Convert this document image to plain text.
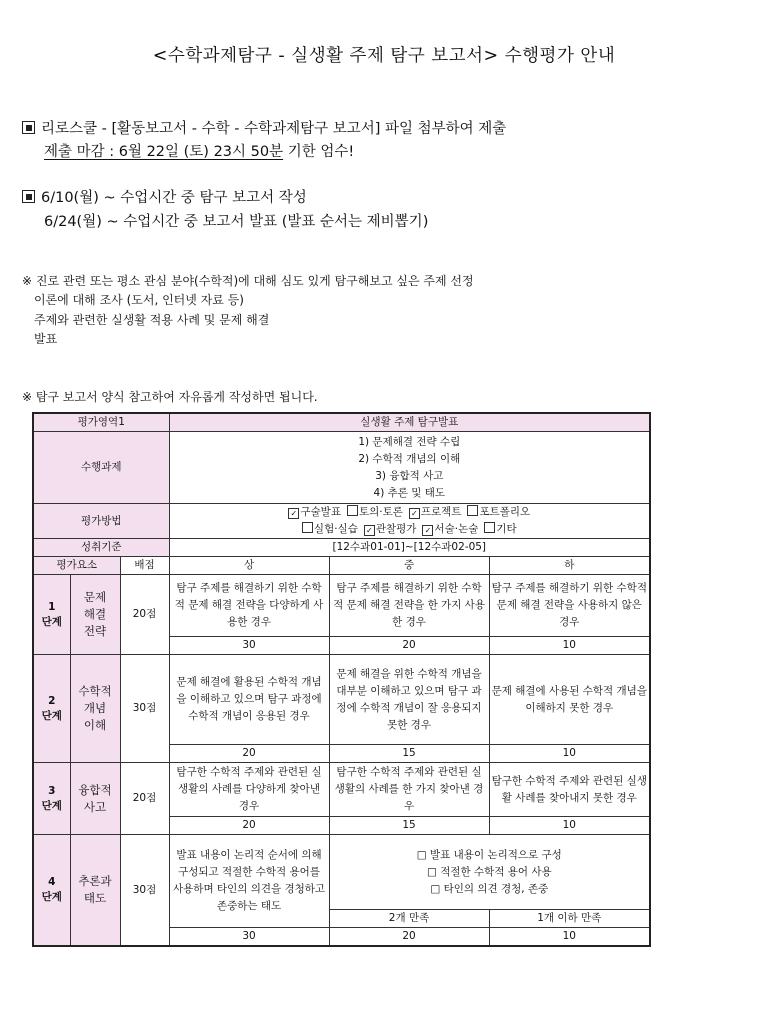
<수학과제탐구 - 실생활 주제 탐구 보고서> 수행평가 안내
리로스쿨 - [활동보고서 - 수학 - 수학과제탐구 보고서] 파일 첨부하여 제출
제출 마감 : 6월 22일 (토) 23시 50분 기한 엄수!
6/10(월) ~ 수업시간 중 탐구 보고서 작성
6/24(월) ~ 수업시간 중 보고서 발표 (발표 순서는 제비뽑기)
※ 진로 관련 또는 평소 관심 분야(수학적)에 대해 심도 있게 탐구해보고 싶은 주제 선정
이론에 대해 조사 (도서, 인터넷 자료 등)
주제와 관련한 실생활 적용 사례 및 문제 해결
발표
※ 탐구 보고서 양식 참고하여 자유롭게 작성하면 됩니다.
평가영역1			실생활 주제 탐구발표		
수행과제			1) 문제해결 전략 수립
2) 수학적 개념의 이해
3) 융합적 사고
4) 추론 및 태도		

평가방법			✓ 구술발표 토의·토론 ✓ 프로젝트 포트폴리오
실험·실습 ✓ 관찰평가 ✓ 서술·논술 기타		

성취기준			[12수과01-01]~[12수과02-05]		
평가요소		배점	상	중	하
1
단계	문제
해결
전략	20점	탐구 주제를 해결하기 위한 수학적 문제 해결 전략을 다양하게 사용한 경우	탐구 주제를 해결하기 위한 수학적 문제 해결 전략을 한 가지 사용한 경우	탐구 주제를 해결하기 위한 수학적 문제 해결 전략을 사용하지 않은 경우
			30	20	10
2
단계	수학적
개념
이해	30점	문제 해결에 활용된 수학적 개념을 이해하고 있으며 탐구 과정에 수학적 개념이 응용된 경우	문제 해결을 위한 수학적 개념을 대부분 이해하고 있으며 탐구 과정에 수학적 개념이 잘 응용되지 못한 경우	문제 해결에 사용된 수학적 개념을 이해하지 못한 경우
			20	15	10
3
단계	융합적
사고	20점	탐구한 수학적 주제와 관련된 실생활의 사례를 다양하게 찾아낸 경우	탐구한 수학적 주제와 관련된 실생활의 사례를 한 가지 찾아낸 경우	탐구한 수학적 주제와 관련된 실생활 사례를 찾아내지 못한 경우
			20	15	10
4
단계	추론과
태도	30점	발표 내용이 논리적 순서에 의해 구성되고 적절한 수학적 용어를 사용하며 타인의 의견을 경청하고 존중하는 태도	□ 발표 내용이 논리적으로 구성
□ 적절한 수학적 용어 사용
□ 타인의 의견 경청, 존중	

				2개 만족	1개 이하 만족
			30	20	10
